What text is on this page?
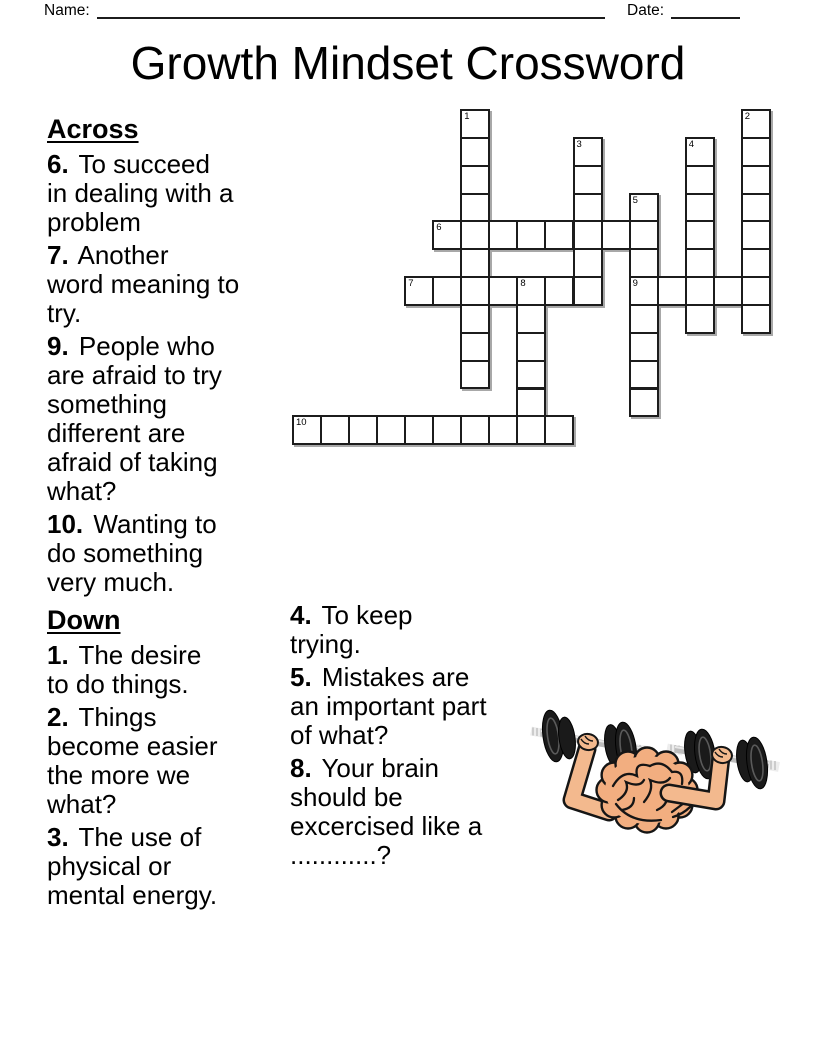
Name:	Date:
Growth Mindset Crossword
1	2
3	4
5
6
7	8	9
10
Across
6. To succeed
in dealing with a
problem
7. Another
word meaning to
try.
9. People who
are afraid to try
something
different are
afraid of taking
what?
10. Wanting to
do something
very much.
Down
1. The desire
to do things.
2. Things
become easier
the more we
what?
3. The use of
physical or
mental energy.
4. To keep
trying.
5. Mistakes are
an important part
of what?
8. Your brain
should be
excercised like a
............?
